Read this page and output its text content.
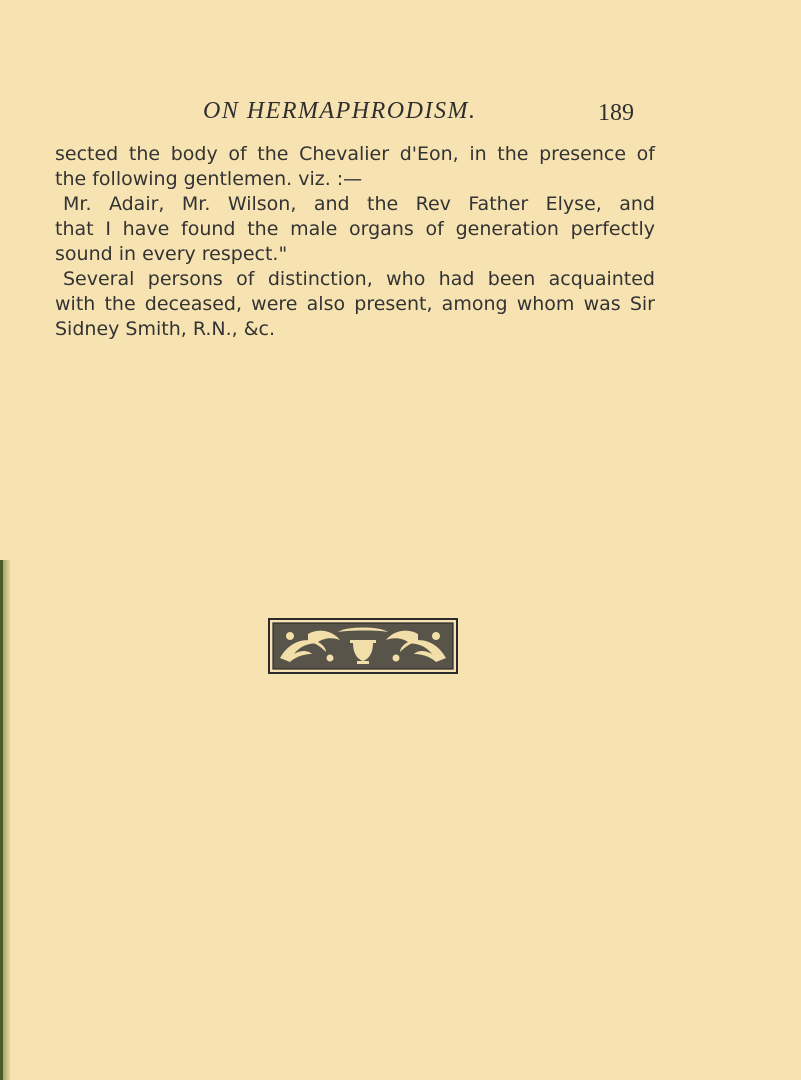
ON HERMAPHRODISM.	189
sected the body of the Chevalier d'Eon, in the presence of
the following gentlemen. viz. :—
Mr. Adair, Mr. Wilson, and the Rev Father Elyse, and
that I have found the male organs of generation perfectly
sound in every respect."
Several persons of distinction, who had been acquainted
with the deceased, were also present, among whom was Sir
Sidney Smith, R.N., &c.
